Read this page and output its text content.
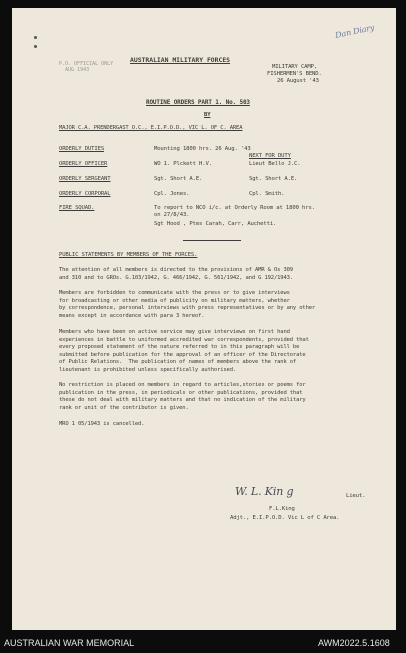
Dan Diary
P.O. OFFICIAL ONLY
AUG 1943
AUSTRALIAN MILITARY FORCES
MILITARY CAMP,
FISHERMEN'S BEND.
26 August '43
ROUTINE ORDERS PART 1. No. 503
BY
MAJOR C.A. PRENDERGAST O.C., E.I.P.O.D., VIC L. OF C. AREA
ORDERLY DUTIES	Mounting 1800 hrs. 26 Aug. '43
NEXT FOR DUTY
ORDERLY OFFICER	WO 1. Plckett H.V.	Lieut Bello J.C.
ORDERLY SERGEANT	Sgt. Short A.E.	Sgt. Short A.E.
ORDERLY CORPORAL	Cpl. Jones.	Cpl. Smith.
FIRE SQUAD.	To report to NCO i/c. at Orderly Room at 1800 hrs.
on 27/8/43.
Sgt Hood , Ptes Carah, Carr, Auchetti.
PUBLIC STATEMENTS BY MEMBERS OF THE FORCES.
The attention of all members is directed to the provisions of AMR & Os 309
and 310 and to GROs. G.103/1942, G. 466/1942, G. 561/1942, and G 192/1943.
Members are forbidden to communicate with the press or to give interviews
for broadcasting or other media of publicity on military matters, whether
by correspondence, personal interviews with press representatives or by any other
means except in accordance with para 3 hereof.
Members who have been on active service may give interviews on first hand
experiences in battle to uniformed accredited war correspondents, provided that
every proposed statement of the nature referred to in this paragraph will be
submitted before publication for the approval of an officer of the Directorate
of Public Relations.  The publication of names of members above the rank of
lieutenant is prohibited unless specifically authorised.
No restriction is placed on members in regard to articles,stories or poems for
publication in the press, in periodicals or other publications, provided that
these do not deal with military matters and that no indication of the military
rank or unit of the contributor is given.
MRO 1 05/1943 is cancelled.
W. L. Kin g	Lieut.
F.L.King
Adjt., E.I.P.O.D. Vic L of C Area.
AUSTRALIAN WAR MEMORIAL	AWM2022.5.1608
